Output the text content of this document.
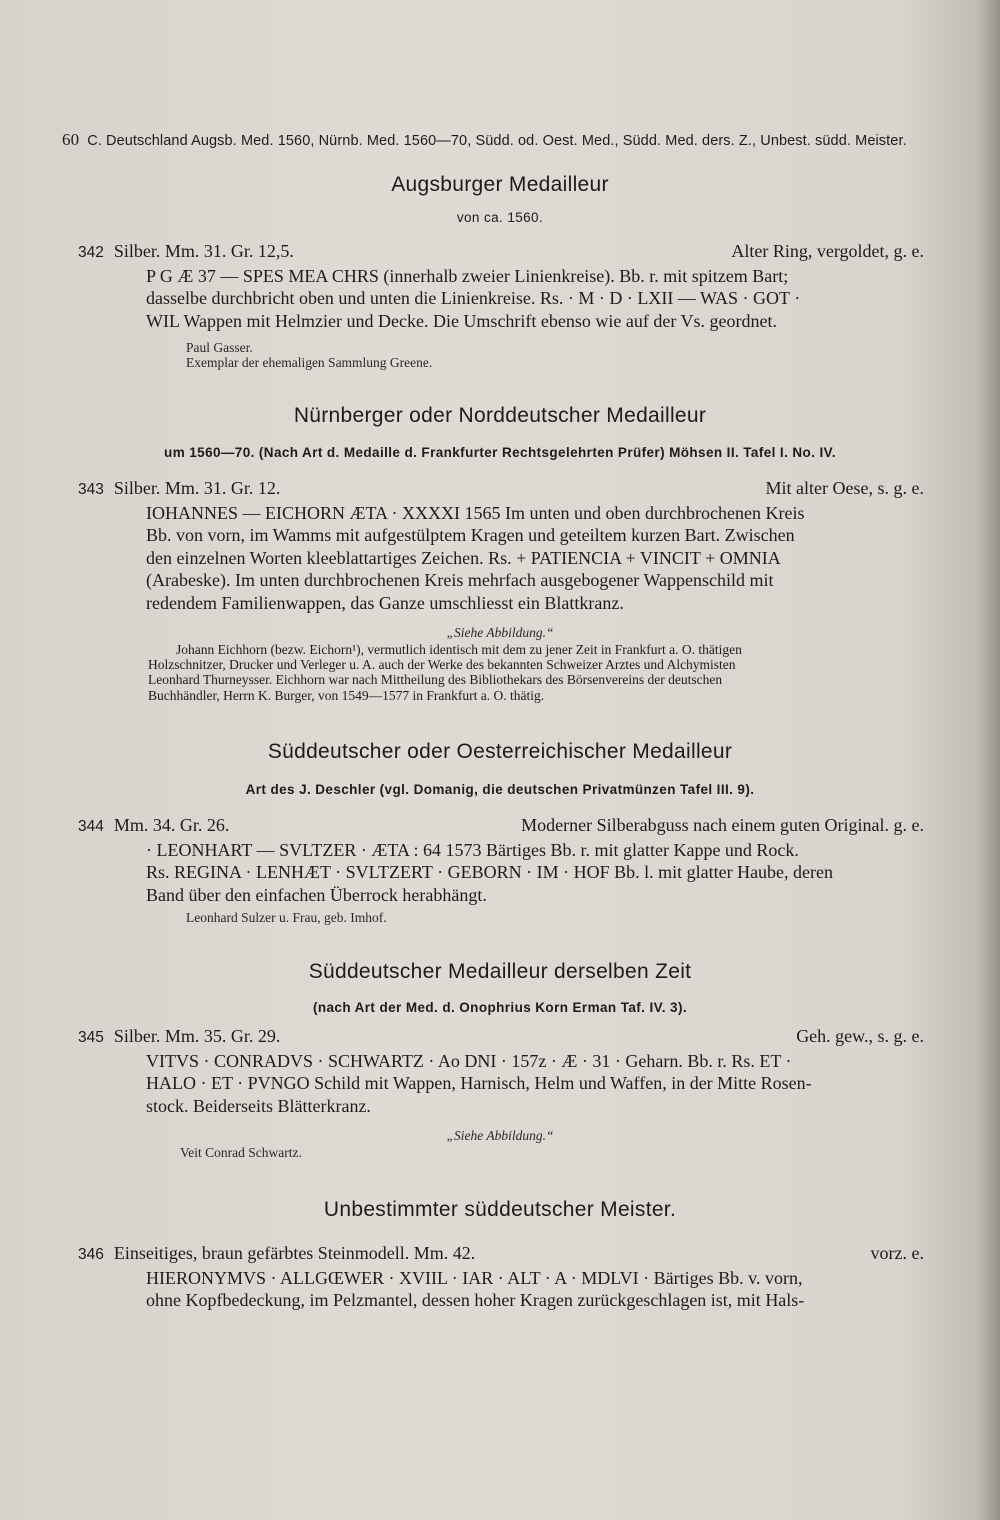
60 C. Deutschland Augsb. Med. 1560, Nürnb. Med. 1560—70, Südd. od. Oest. Med., Südd. Med. ders. Z., Unbest. südd. Meister.
Augsburger Medailleur
von ca. 1560.

342 Silber. Mm. 31. Gr. 12,5.	Alter Ring, vergoldet, g. e.

P G Æ 37 — SPES MEA CHRS (innerhalb zweier Linienkreise). Bb. r. mit spitzem Bart;

dasselbe durchbricht oben und unten die Linienkreise. Rs. · M · D · LXII — WAS · GOT ·

WIL Wappen mit Helmzier und Decke. Die Umschrift ebenso wie auf der Vs. geordnet.

Paul Gasser.

Exemplar der ehemaligen Sammlung Greene.

Nürnberger oder Norddeutscher Medailleur
um 1560—70. (Nach Art d. Medaille d. Frankfurter Rechtsgelehrten Prüfer) Möhsen II. Tafel I. No. IV.

343 Silber. Mm. 31. Gr. 12.	Mit alter Oese, s. g. e.

IOHANNES — EICHORN ÆTA · XXXXI 1565 Im unten und oben durchbrochenen Kreis

Bb. von vorn, im Wamms mit aufgestülptem Kragen und geteiltem kurzen Bart. Zwischen

den einzelnen Worten kleeblattartiges Zeichen. Rs. + PATIENCIA + VINCIT + OMNIA

(Arabeske). Im unten durchbrochenen Kreis mehrfach ausgebogener Wappenschild mit

redendem Familienwappen, das Ganze umschliesst ein Blattkranz.

„Siehe Abbildung.“

Johann Eichhorn (bezw. Eichorn¹), vermutlich identisch mit dem zu jener Zeit in Frankfurt a. O. thätigen

Holzschnitzer, Drucker und Verleger u. A. auch der Werke des bekannten Schweizer Arztes und Alchymisten

Leonhard Thurneysser. Eichhorn war nach Mittheilung des Bibliothekars des Börsenvereins der deutschen

Buchhändler, Herrn K. Burger, von 1549—1577 in Frankfurt a. O. thätig.

Süddeutscher oder Oesterreichischer Medailleur
Art des J. Deschler (vgl. Domanig, die deutschen Privatmünzen Tafel III. 9).

344 Mm. 34. Gr. 26.	Moderner Silberabguss nach einem guten Original. g. e.

· LEONHART — SVLTZER · ÆTA : 64 1573 Bärtiges Bb. r. mit glatter Kappe und Rock.

Rs. REGINA · LENHÆT · SVLTZERT · GEBORN · IM · HOF Bb. l. mit glatter Haube, deren

Band über den einfachen Überrock herabhängt.

Leonhard Sulzer u. Frau, geb. Imhof.

Süddeutscher Medailleur derselben Zeit
(nach Art der Med. d. Onophrius Korn Erman Taf. IV. 3).

345 Silber. Mm. 35. Gr. 29.	Geh. gew., s. g. e.

VITVS · CONRADVS · SCHWARTZ · Ao DNI · 157z · Æ · 31 · Geharn. Bb. r. Rs. ET ·

HALO · ET · PVNGO Schild mit Wappen, Harnisch, Helm und Waffen, in der Mitte Rosen-

stock. Beiderseits Blätterkranz.

„Siehe Abbildung.“

Veit Conrad Schwartz.

Unbestimmter süddeutscher Meister.

346 Einseitiges, braun gefärbtes Steinmodell. Mm. 42.	vorz. e.

HIERONYMVS · ALLGŒWER · XVIIL · IAR · ALT · A · MDLVI · Bärtiges Bb. v. vorn,

ohne Kopfbedeckung, im Pelzmantel, dessen hoher Kragen zurückgeschlagen ist, mit Hals-
